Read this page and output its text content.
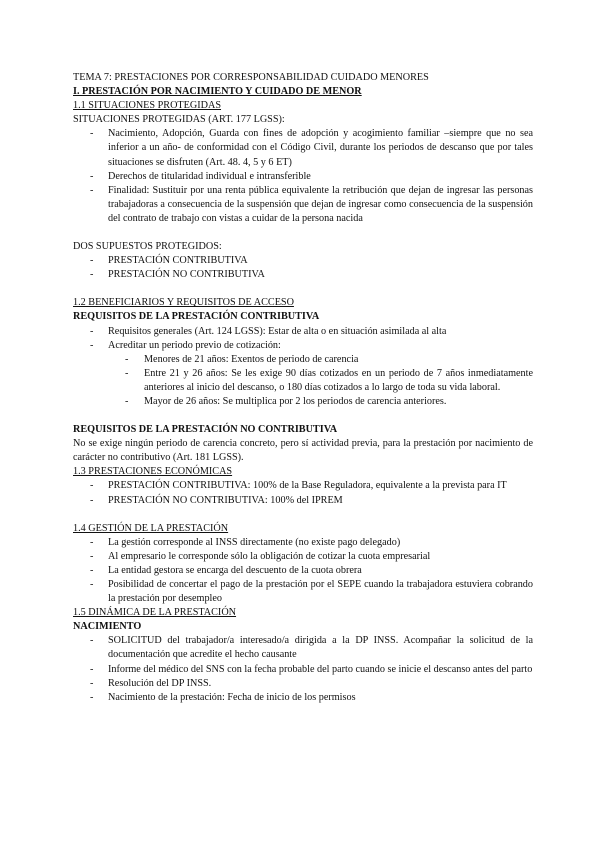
TEMA 7: PRESTACIONES POR CORRESPONSABILIDAD CUIDADO MENORES
I. PRESTACIÓN POR NACIMIENTO Y CUIDADO DE MENOR
1.1 SITUACIONES PROTEGIDAS
SITUACIONES PROTEGIDAS (ART. 177 LGSS):
- Nacimiento, Adopción, Guarda con fines de adopción y acogimiento familiar –siempre que no sea inferior a un año- de conformidad con el Código Civil, durante los periodos de descanso que por tales situaciones se disfruten (Art. 48. 4, 5 y 6 ET)
- Derechos de titularidad individual e intransferible
- Finalidad: Sustituir por una renta pública equivalente la retribución que dejan de ingresar las personas trabajadoras a consecuencia de la suspensión que dejan de ingresar como consecuencia de la suspensión del contrato de trabajo con vistas a cuidar de la persona nacida
DOS SUPUESTOS PROTEGIDOS:
- PRESTACIÓN CONTRIBUTIVA
- PRESTACIÓN NO CONTRIBUTIVA
1.2 BENEFICIARIOS Y REQUISITOS DE ACCESO
REQUISITOS DE LA PRESTACIÓN CONTRIBUTIVA
- Requisitos generales (Art. 124 LGSS): Estar de alta o en situación asimilada al alta
- Acreditar un periodo previo de cotización:
- Menores de 21 años: Exentos de periodo de carencia
- Entre 21 y 26 años: Se les exige 90 días cotizados en un periodo de 7 años inmediatamente anteriores al inicio del descanso, o 180 días cotizados a lo largo de toda su vida laboral.
- Mayor de 26 años: Se multiplica por 2 los periodos de carencia anteriores.
REQUISITOS DE LA PRESTACIÓN NO CONTRIBUTIVA

No se exige ningún periodo de carencia concreto, pero sí actividad previa, para la prestación por nacimiento de carácter no contributivo (Art. 181 LGSS).

1.3 PRESTACIONES ECONÓMICAS
- PRESTACIÓN CONTRIBUTIVA: 100% de la Base Reguladora, equivalente a la prevista para IT
- PRESTACIÓN NO CONTRIBUTIVA: 100% del IPREM
1.4 GESTIÓN DE LA PRESTACIÓN
- La gestión corresponde al INSS directamente (no existe pago delegado)
- Al empresario le corresponde sólo la obligación de cotizar la cuota empresarial
- La entidad gestora se encarga del descuento de la cuota obrera
- Posibilidad de concertar el pago de la prestación por el SEPE cuando la trabajadora estuviera cobrando la prestación por desempleo
1.5 DINÁMICA DE LA PRESTACIÓN
NACIMIENTO
- SOLICITUD del trabajador/a interesado/a dirigida a la DP INSS. Acompañar la solicitud de la documentación que acredite el hecho causante
- Informe del médico del SNS con la fecha probable del parto cuando se inicie el descanso antes del parto
- Resolución del DP INSS.
- Nacimiento de la prestación: Fecha de inicio de los permisos
